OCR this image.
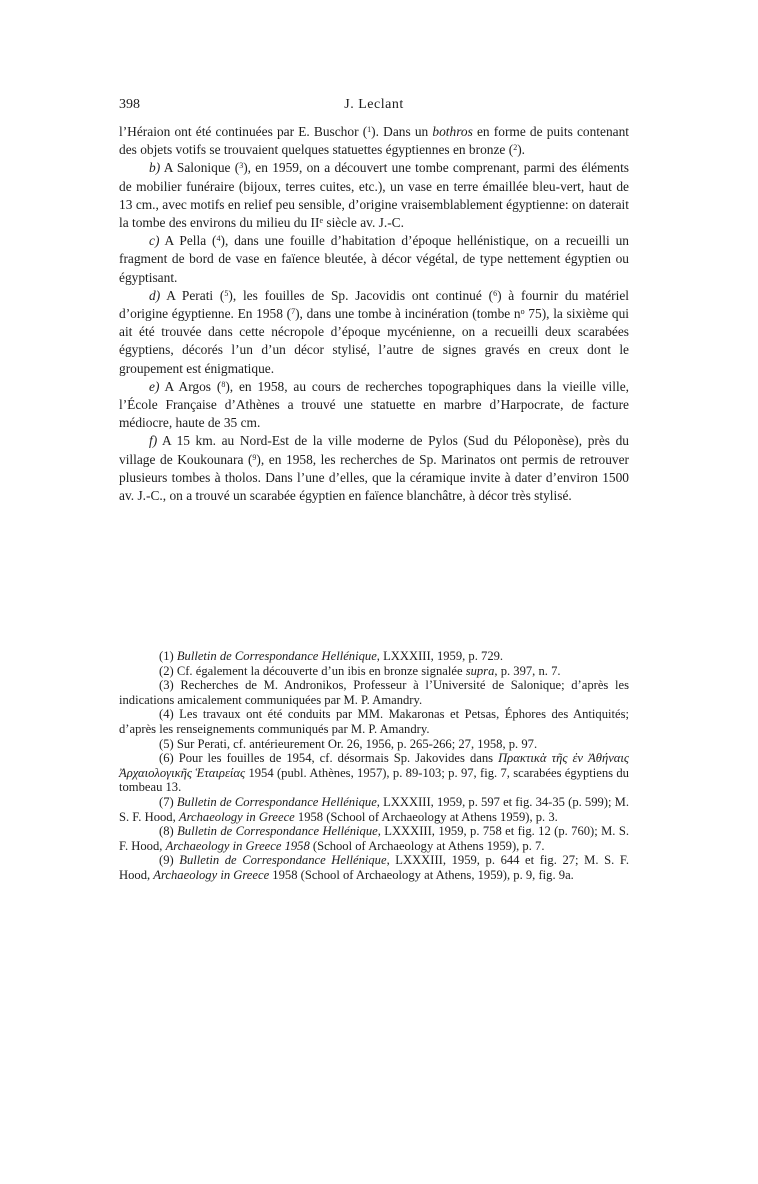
398	J. Leclant

l’Héraion ont été continuées par E. Buschor ($^1$). Dans un bothros en forme de puits contenant des objets votifs se trouvaient quelques statuettes égyptiennes en bronze ($^2$).

b) A Salonique ($^3$), en 1959, on a découvert une tombe comprenant, parmi des éléments de mobilier funéraire (bijoux, terres cuites, etc.), un vase en terre émaillée bleu-vert, haut de 13 cm., avec motifs en relief peu sensible, d’origine vraisemblablement égyptienne: on daterait la tombe des environs du milieu du IIe siècle av. J.-C.

c) A Pella ($^4$), dans une fouille d’habitation d’époque hellénistique, on a recueilli un fragment de bord de vase en faïence bleutée, à décor végétal, de type nettement égyptien ou égyptisant.

d) A Perati ($^5$), les fouilles de Sp. Jacovidis ont continué ($^6$) à fournir du matériel d’origine égyptienne. En 1958 ($^7$), dans une tombe à incinération (tombe $n^o$ 75), la sixième qui ait été trouvée dans cette nécropole d’époque mycénienne, on a recueilli deux scarabées égyptiens, décorés l’un d’un décor stylisé, l’autre de signes gravés en creux dont le groupement est énigmatique.

e) A Argos ($^8$), en 1958, au cours de recherches topographiques dans la vieille ville, l’École Française d’Athènes a trouvé une statuette en marbre d’Harpocrate, de facture médiocre, haute de 35 cm.

f) A 15 km. au Nord-Est de la ville moderne de Pylos (Sud du Péloponèse), près du village de Koukounara ($^9$), en 1958, les recherches de Sp. Marinatos ont permis de retrouver plusieurs tombes à tholos. Dans l’une d’elles, que la céramique invite à dater d’environ 1500 av. J.-C., on a trouvé un scarabée égyptien en faïence blanchâtre, à décor très stylisé.

(1) Bulletin de Correspondance Hellénique, LXXXIII, 1959, p. 729.

(2) Cf. également la découverte d’un ibis en bronze signalée supra, p. 397, n. 7.

(3) Recherches de M. Andronikos, Professeur à l’Université de Salonique; d’après les indications amicalement communiquées par M. P. Amandry.

(4) Les travaux ont été conduits par MM. Makaronas et Petsas, Éphores des Antiquités; d’après les renseignements communiqués par M. P. Amandry.

(5) Sur Perati, cf. antérieurement Or. 26, 1956, p. 265-266; 27, 1958, p. 97.

(6) Pour les fouilles de 1954, cf. désormais Sp. Jakovides dans Πρακτικὰ τῆς ἐν Ἀθήναις Ἀρχαιολογικῆς Ἑταιρείας 1954 (publ. Athènes, 1957), p. 89-103; p. 97, fig. 7, scarabées égyptiens du tombeau 13.

(7) Bulletin de Correspondance Hellénique, LXXXIII, 1959, p. 597 et fig. 34-35 (p. 599); M. S. F. Hood, Archaeology in Greece 1958 (School of Archaeology at Athens 1959), p. 3.

(8) Bulletin de Correspondance Hellénique, LXXXIII, 1959, p. 758 et fig. 12 (p. 760); M. S. F. Hood, Archaeology in Greece 1958 (School of Archaeology at Athens 1959), p. 7.

(9) Bulletin de Correspondance Hellénique, LXXXIII, 1959, p. 644 et fig. 27; M. S. F. Hood, Archaeology in Greece 1958 (School of Archaeology at Athens, 1959), p. 9, fig. 9a.
